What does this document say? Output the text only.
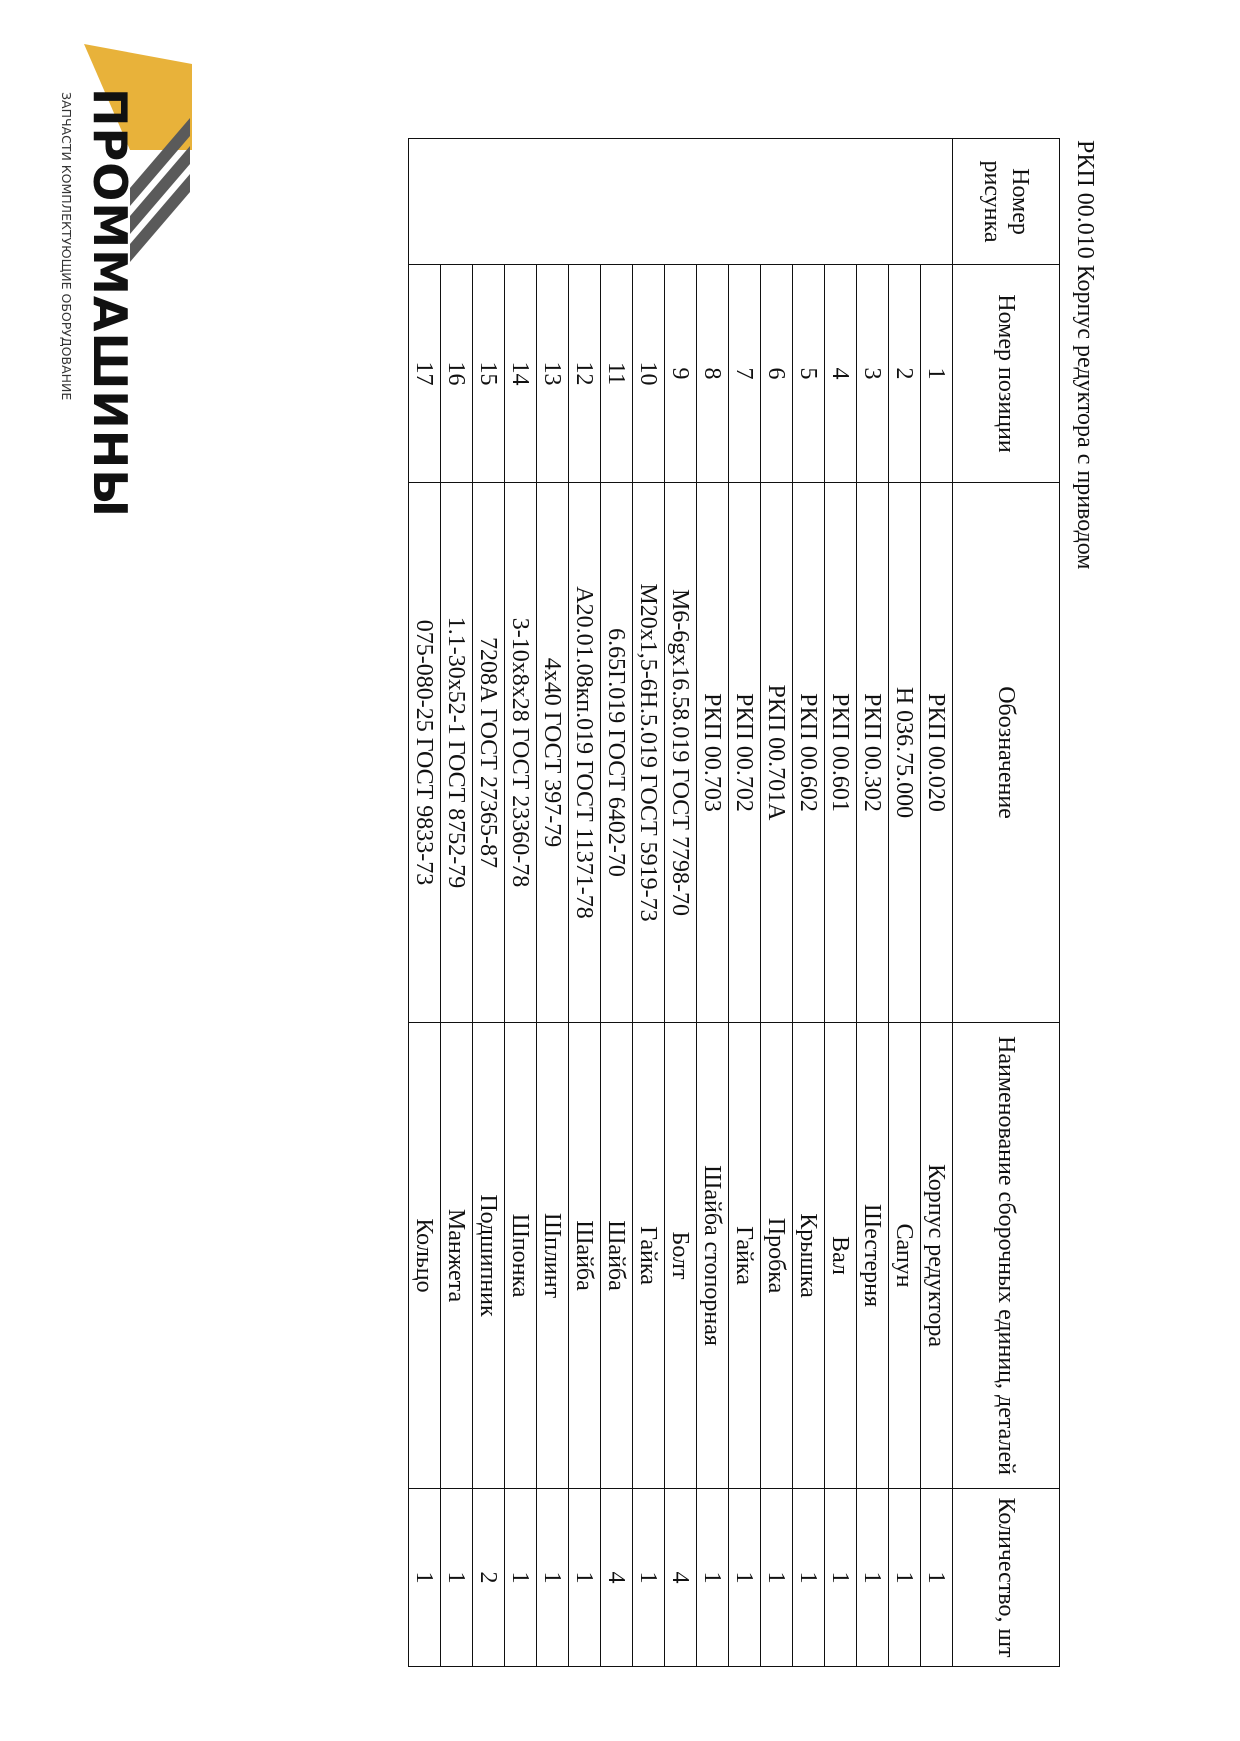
ПРОММАШИНЫ
ЗАПЧАСТИ КОМПЛЕКТУЮЩИЕ ОБОРУДОВАНИЕ	РКП 00.010 Корпус редуктора с приводом
Номер рисунка	Номер позиции	Обозначение	Наименование сборочных единиц, деталей	Количество, шт
	1	РКП 00.020	Корпус редуктора	1
	2	Н 036.75.000	Сапун	1
	3	РКП 00.302	Шестерня	1
	4	РКП 00.601	Вал	1
	5	РКП 00.602	Крышка	1
	6	РКП 00.701А	Пробка	1
	7	РКП 00.702	Гайка	1
	8	РКП 00.703	Шайба стопорная	1
	9	М6-6gx16.58.019 ГОСТ 7798-70	Болт	4
	10	М20x1,5-6Н.5.019 ГОСТ 5919-73	Гайка	1
	11	6.65Г.019 ГОСТ 6402-70	Шайба	4
	12	А20.01.08кп.019 ГОСТ 11371-78	Шайба	1
	13	4x40 ГОСТ 397-79	Шплинт	1
	14	3-10x8x28 ГОСТ 23360-78	Шпонка	1
	15	7208А ГОСТ 27365-87	Подшипник	2
	16	1.1-30x52-1 ГОСТ 8752-79	Манжета	1
	17	075-080-25 ГОСТ 9833-73	Кольцо	1
